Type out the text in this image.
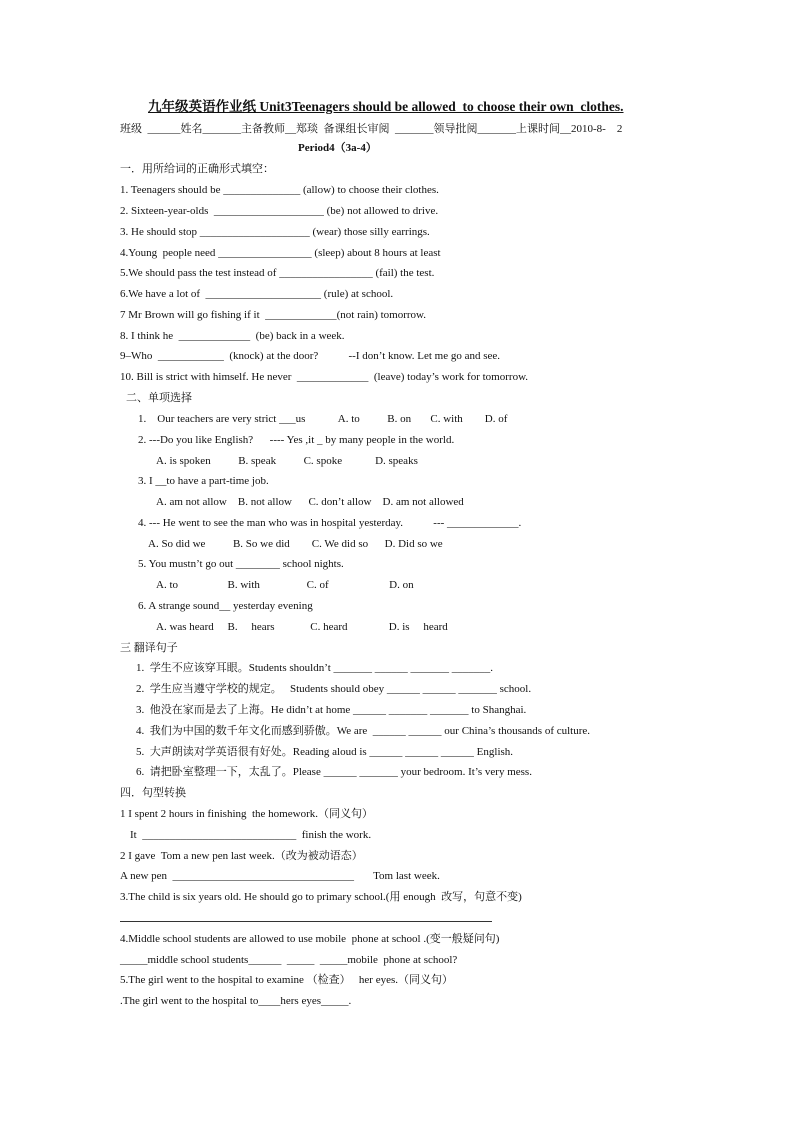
九年级英语作业纸 Unit3Teenagers should be allowed  to choose their own  clothes.
班级  ______姓名_______主备教师__郑琰  备课组长审阅  _______领导批阅_______上课时间__2010-8-    2
Period4（3a-4）
一．用所给词的正确形式填空：
1. Teenagers should be ______________ (allow) to choose their clothes.
2. Sixteen-year-olds  ____________________ (be) not allowed to drive.
3. He should stop ____________________ (wear) those silly earrings.
4.Young  people need _________________ (sleep) about 8 hours at least
5.We should pass the test instead of _________________ (fail) the test.
6.We have a lot of  _____________________ (rule) at school.
7 Mr Brown will go fishing if it  _____________(not rain) tomorrow.
8. I think he  _____________  (be) back in a week.
9–Who  ____________  (knock) at the door?           --I don’t know. Let me go and see.
10. Bill is strict with himself. He never  _____________  (leave) today’s work for tomorrow.
二、单项选择
1.    Our teachers are very strict ___us            A. to          B. on       C. with        D. of
2. ---Do you like English?      ---- Yes ,it _ by many people in the world.
A. is spoken          B. speak          C. spoke            D. speaks
3. I __to have a part-time job.
A. am not allow    B. not allow      C. don’t allow    D. am not allowed
4. --- He went to see the man who was in hospital yesterday.           --- _____________.
A. So did we          B. So we did        C. We did so      D. Did so we
5. You mustn’t go out ________ school nights.
A. to                  B. with                 C. of                      D. on
6. A strange sound__ yesterday evening
A. was heard     B.     hears             C. heard               D. is     heard
三 翻译句子
1.  学生不应该穿耳眼。Students shouldn’t _______ ______ _______ _______.
2.  学生应当遵守学校的规定。   Students should obey ______ ______ _______ school.
3.  他没在家而是去了上海。He didn’t at home ______ _______ _______ to Shanghai.
4.  我们为中国的数千年文化而感到骄傲。We are  ______ ______ our China’s thousands of culture.
5.  大声朗读对学英语很有好处。Reading aloud is ______ ______ ______ English.
6.  请把卧室整理一下，太乱了。Please ______ _______ your bedroom. It’s very mess.
四．句型转换
1 I spent 2 hours in finishing  the homework.（同义句）
It  ____________________________  finish the work.
2 I gave  Tom a new pen last week.（改为被动语态）
A new pen  _________________________________       Tom last week.
3.The child is six years old. He should go to primary school.(用 enough  改写，句意不变)
4.Middle school students are allowed to use mobile  phone at school .(变一般疑问句)
_____middle school students______  _____  _____mobile  phone at school?
5.The girl went to the hospital to examine （检查）   her eyes.（同义句）
.The girl went to the hospital to____hers eyes_____.
